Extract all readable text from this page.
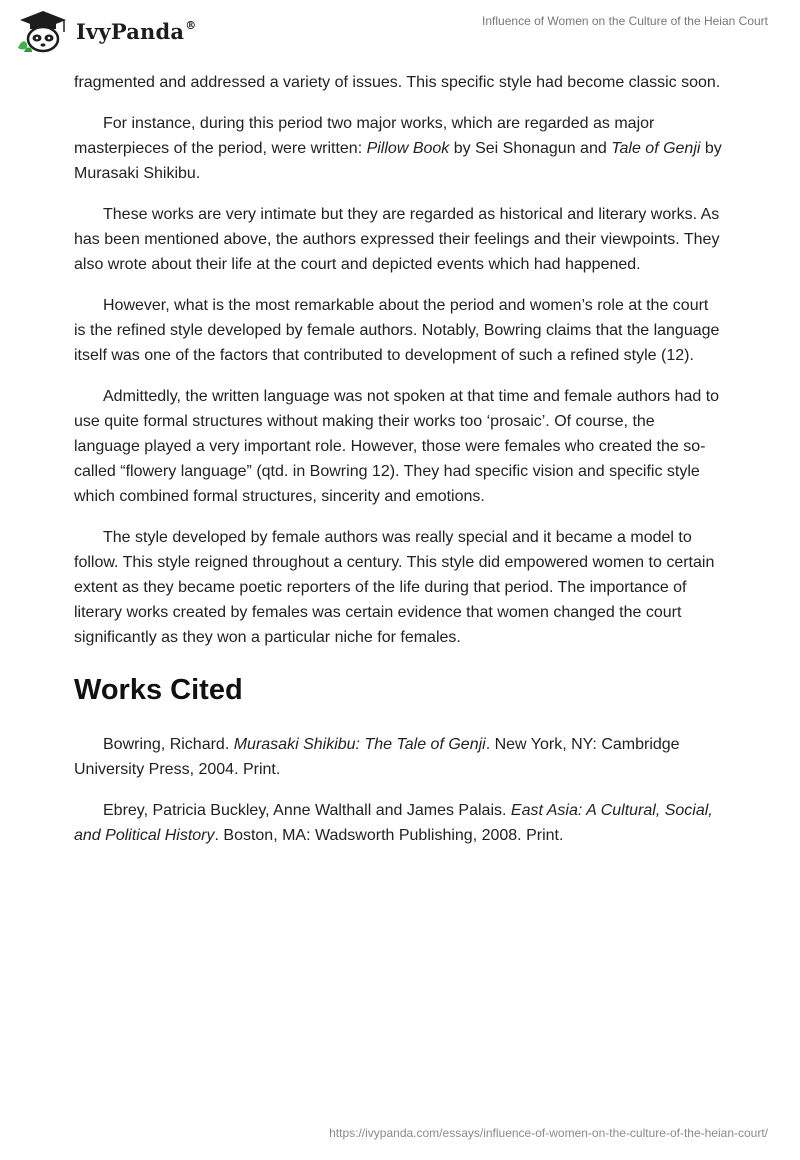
IvyPanda®	Influence of Women on the Culture of the Heian Court

fragmented and addressed a variety of issues. This specific style had become classic soon.

For instance, during this period two major works, which are regarded as major masterpieces of the period, were written: Pillow Book by Sei Shonagun and Tale of Genji by Murasaki Shikibu.

These works are very intimate but they are regarded as historical and literary works. As has been mentioned above, the authors expressed their feelings and their viewpoints. They also wrote about their life at the court and depicted events which had happened.

However, what is the most remarkable about the period and women’s role at the court is the refined style developed by female authors. Notably, Bowring claims that the language itself was one of the factors that contributed to development of such a refined style (12).

Admittedly, the written language was not spoken at that time and female authors had to use quite formal structures without making their works too ‘prosaic’. Of course, the language played a very important role. However, those were females who created the so-called “flowery language” (qtd. in Bowring 12). They had specific vision and specific style which combined formal structures, sincerity and emotions.

The style developed by female authors was really special and it became a model to follow. This style reigned throughout a century. This style did empowered women to certain extent as they became poetic reporters of the life during that period. The importance of literary works created by females was certain evidence that women changed the court significantly as they won a particular niche for females.

Works Cited

Bowring, Richard. Murasaki Shikibu: The Tale of Genji. New York, NY: Cambridge University Press, 2004. Print.

Ebrey, Patricia Buckley, Anne Walthall and James Palais. East Asia: A Cultural, Social, and Political History. Boston, MA: Wadsworth Publishing, 2008. Print.

https://ivypanda.com/essays/influence-of-women-on-the-culture-of-the-heian-court/
